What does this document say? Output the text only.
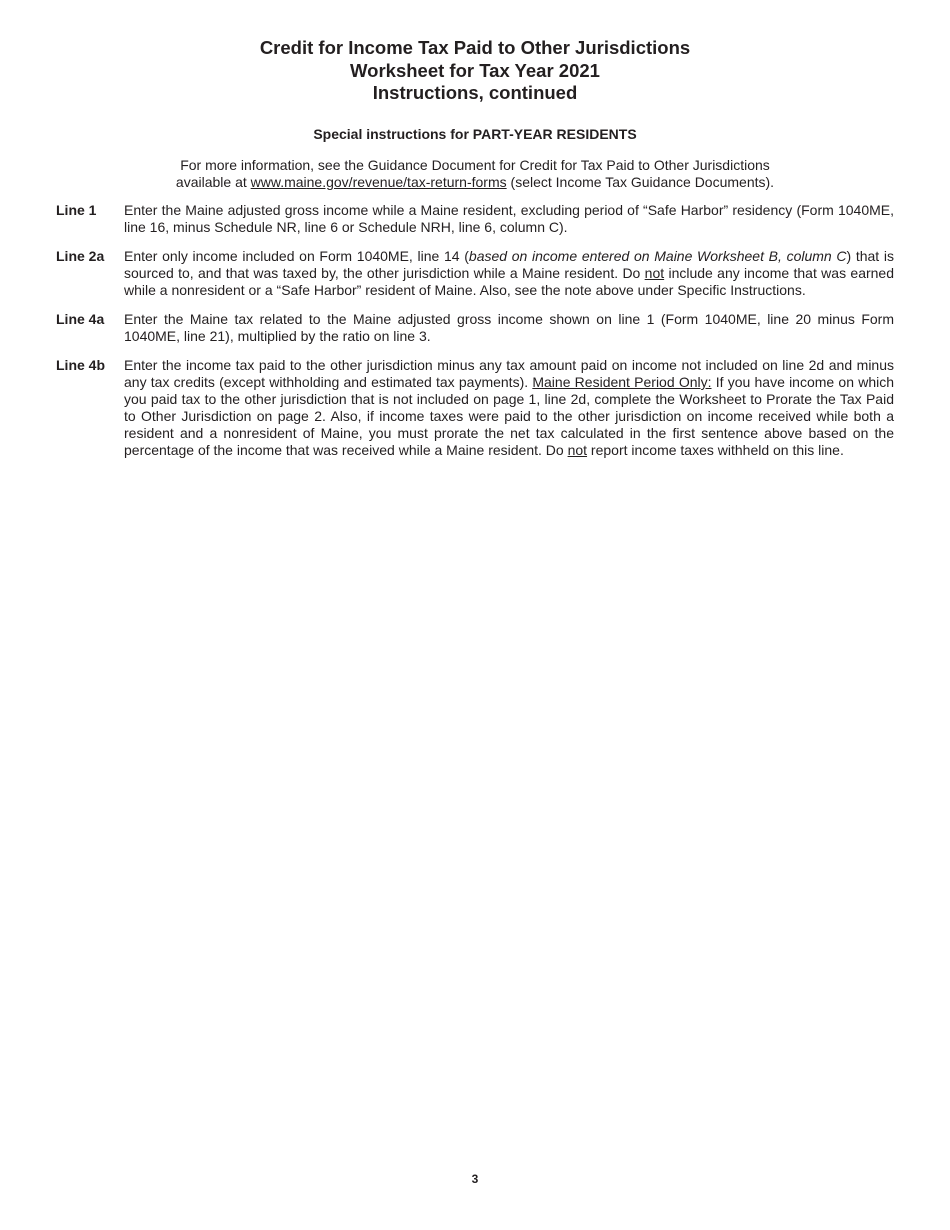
Credit for Income Tax Paid to Other Jurisdictions
Worksheet for Tax Year 2021
Instructions, continued
Special instructions for PART-YEAR RESIDENTS
For more information, see the Guidance Document for Credit for Tax Paid to Other Jurisdictions
available at www.maine.gov/revenue/tax-return-forms (select Income Tax Guidance Documents).
Line 1	Enter the Maine adjusted gross income while a Maine resident, excluding period of “Safe Harbor” residency (Form 1040ME, line 16, minus Schedule NR, line 6 or Schedule NRH, line 6, column C).
Line 2a	Enter only income included on Form 1040ME, line 14 (based on income entered on Maine Worksheet B, column C) that is sourced to, and that was taxed by, the other jurisdiction while a Maine resident. Do not include any income that was earned while a nonresident or a “Safe Harbor” resident of Maine. Also, see the note above under Specific Instructions.
Line 4a	Enter the Maine tax related to the Maine adjusted gross income shown on line 1 (Form 1040ME, line 20 minus Form 1040ME, line 21), multiplied by the ratio on line 3.
Line 4b	Enter the income tax paid to the other jurisdiction minus any tax amount paid on income not included on line 2d and minus any tax credits (except withholding and estimated tax payments). Maine Resident Period Only: If you have income on which you paid tax to the other jurisdiction that is not included on page 1, line 2d, complete the Worksheet to Prorate the Tax Paid to Other Jurisdiction on page 2. Also, if income taxes were paid to the other jurisdiction on income received while both a resident and a nonresident of Maine, you must prorate the net tax calculated in the first sentence above based on the percentage of the income that was received while a Maine resident. Do not report income taxes withheld on this line.
3
